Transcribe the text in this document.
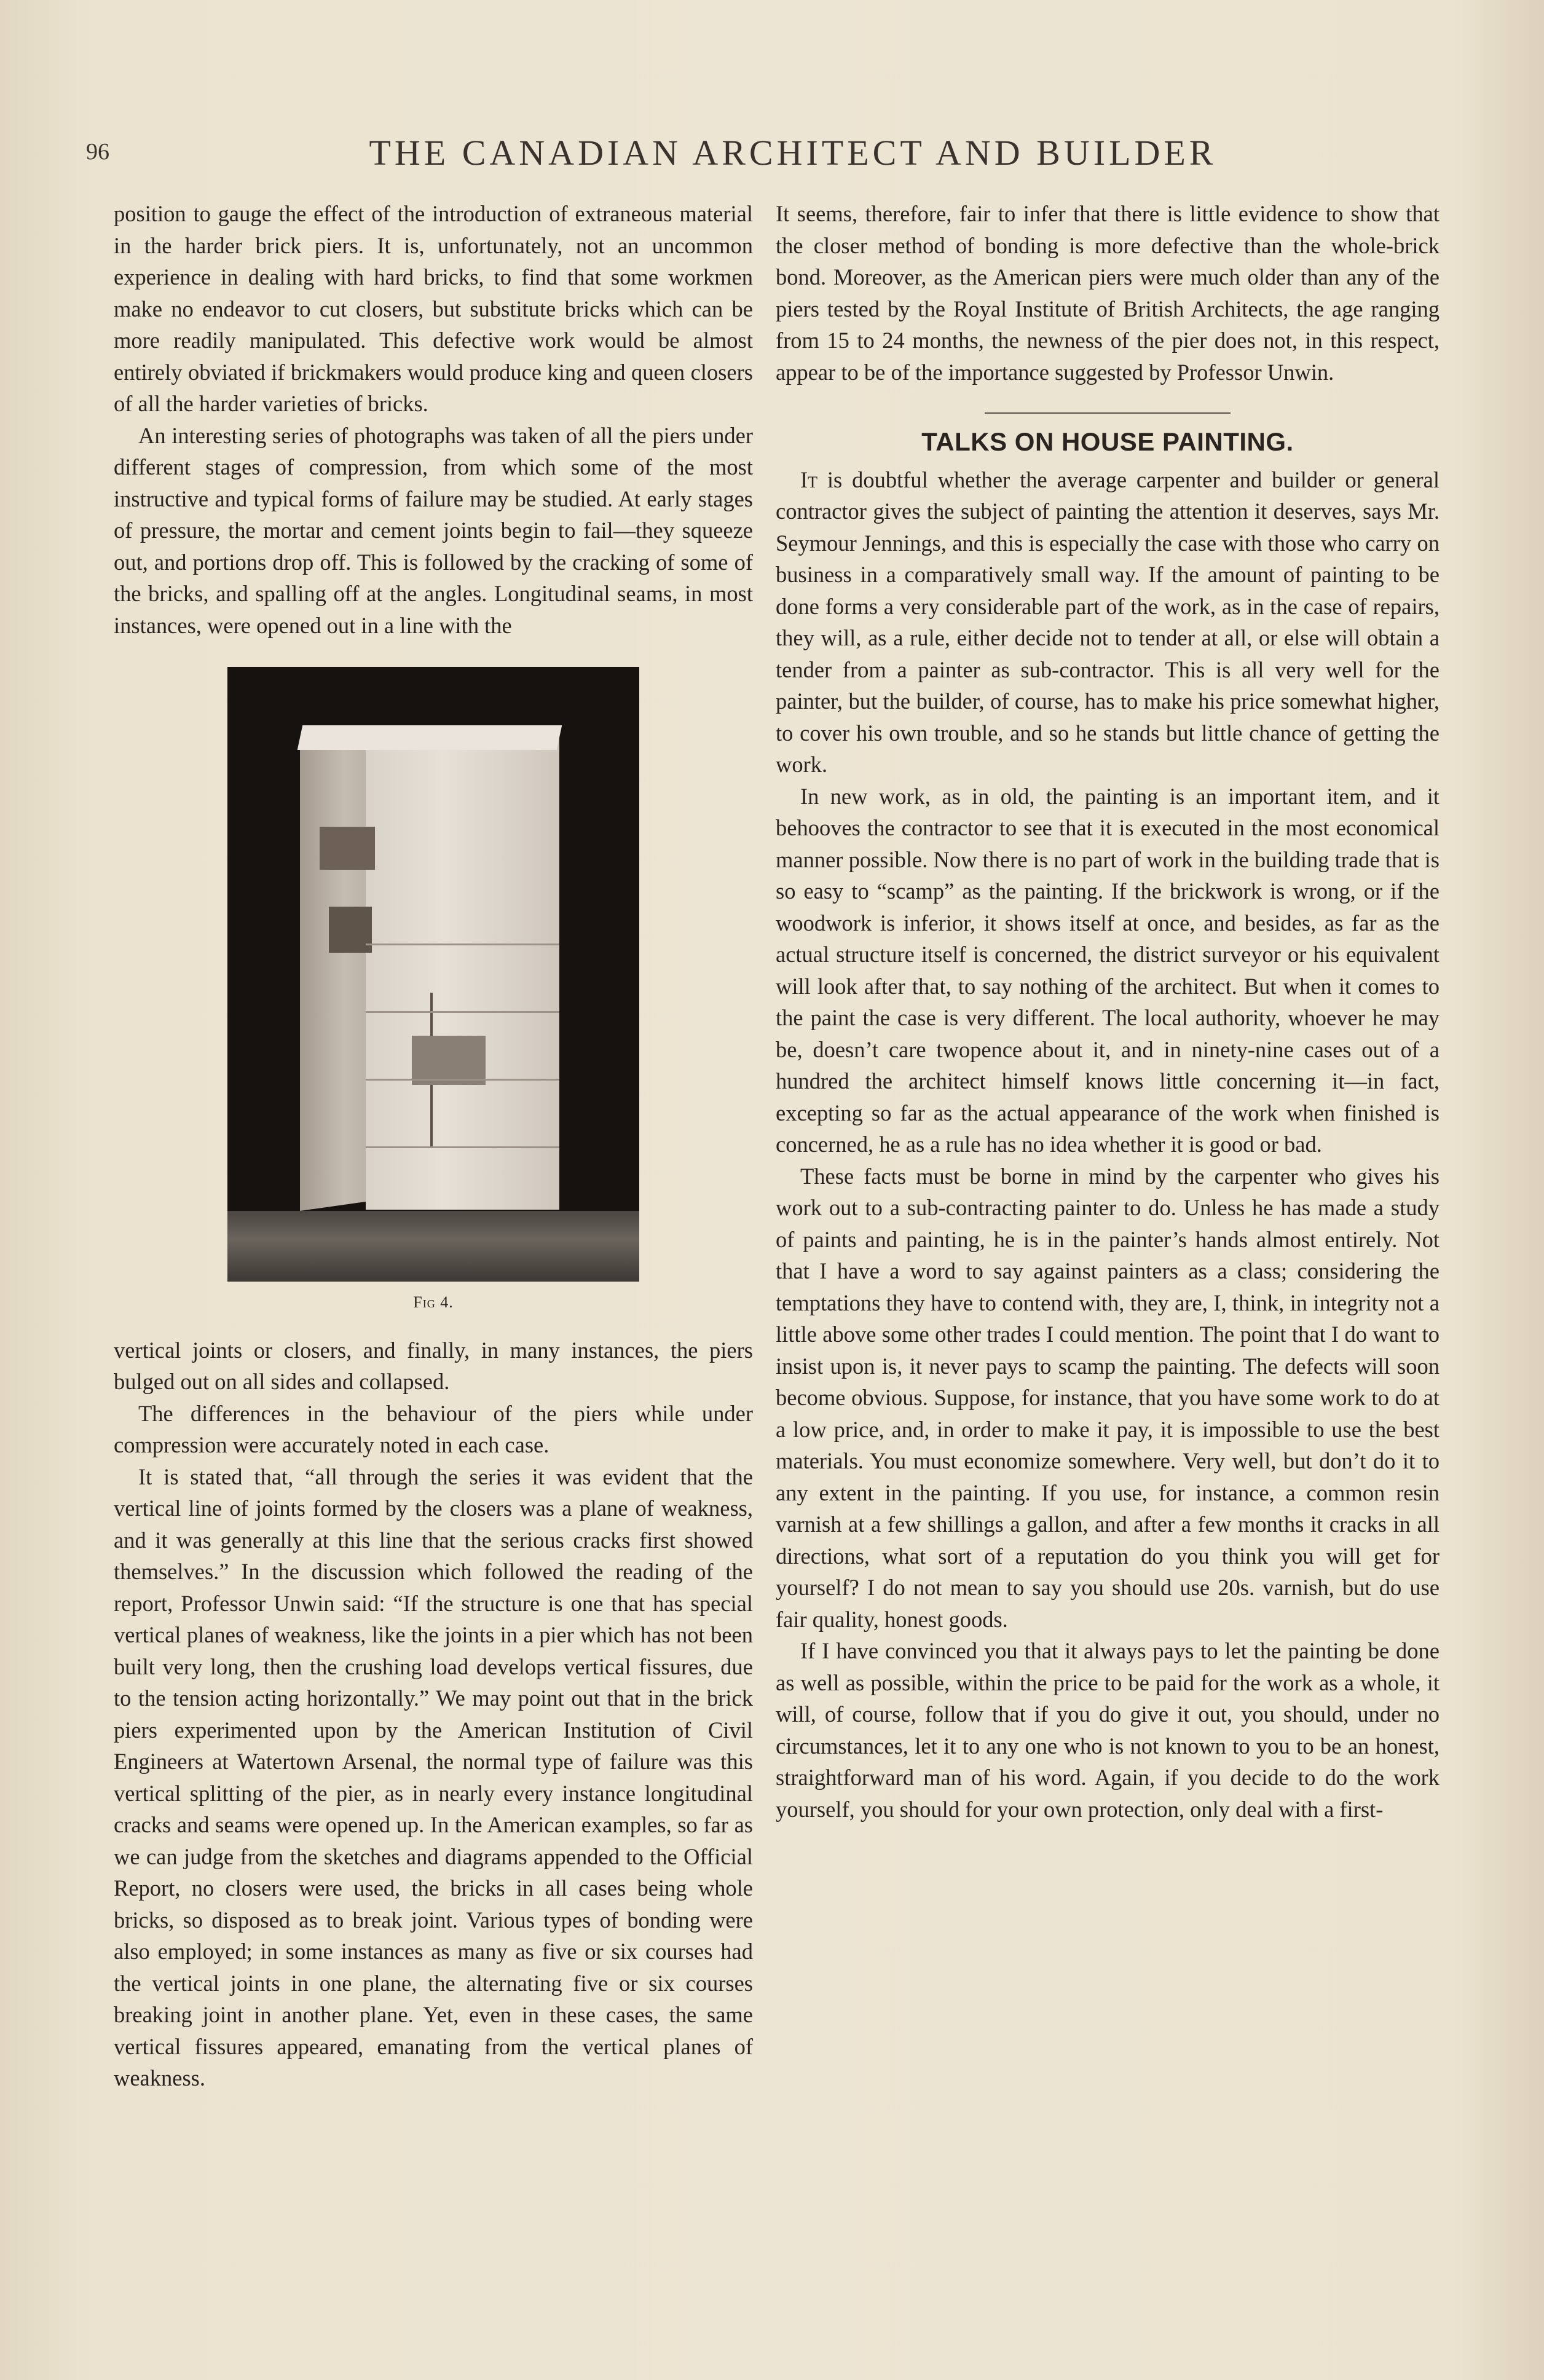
96	THE CANADIAN ARCHITECT AND BUILDER

position to gauge the effect of the introduction of extraneous material in the harder brick piers. It is, unfortunately, not an uncommon experience in dealing with hard bricks, to find that some workmen make no endeavor to cut closers, but substitute bricks which can be more readily manipulated. This defective work would be almost entirely obviated if brickmakers would produce king and queen closers of all the harder varieties of bricks.

An interesting series of photographs was taken of all the piers under different stages of compression, from which some of the most instructive and typical forms of failure may be studied. At early stages of pressure, the mortar and cement joints begin to fail—they squeeze out, and portions drop off. This is followed by the cracking of some of the bricks, and spalling off at the angles. Longitudinal seams, in most instances, were opened out in a line with the

Fig 4.

vertical joints or closers, and finally, in many instances, the piers bulged out on all sides and collapsed.

The differences in the behaviour of the piers while under compression were accurately noted in each case.

It is stated that, “all through the series it was evident that the vertical line of joints formed by the closers was a plane of weakness, and it was generally at this line that the serious cracks first showed themselves.” In the discussion which followed the reading of the report, Professor Unwin said: “If the structure is one that has special vertical planes of weakness, like the joints in a pier which has not been built very long, then the crushing load develops vertical fissures, due to the tension acting horizontally.” We may point out that in the brick piers experimented upon by the American Institution of Civil Engineers at Watertown Arsenal, the normal type of failure was this vertical splitting of the pier, as in nearly every instance longitudinal cracks and seams were opened up. In the American examples, so far as we can judge from the sketches and diagrams appended to the Official Report, no closers were used, the bricks in all cases being whole bricks, so disposed as to break joint. Various types of bonding were also employed; in some instances as many as five or six courses had the vertical joints in one plane, the alternating five or six courses breaking joint in another plane. Yet, even in these cases, the same vertical fissures appeared, emanating from the vertical planes of weakness.

It seems, therefore, fair to infer that there is little evidence to show that the closer method of bonding is more defective than the whole-brick bond. Moreover, as the American piers were much older than any of the piers tested by the Royal Institute of British Architects, the age ranging from 15 to 24 months, the newness of the pier does not, in this respect, appear to be of the importance suggested by Professor Unwin.

TALKS ON HOUSE PAINTING.

It is doubtful whether the average carpenter and builder or general contractor gives the subject of painting the attention it deserves, says Mr. Seymour Jennings, and this is especially the case with those who carry on business in a comparatively small way. If the amount of painting to be done forms a very considerable part of the work, as in the case of repairs, they will, as a rule, either decide not to tender at all, or else will obtain a tender from a painter as sub-contractor. This is all very well for the painter, but the builder, of course, has to make his price somewhat higher, to cover his own trouble, and so he stands but little chance of getting the work.

In new work, as in old, the painting is an important item, and it behooves the contractor to see that it is executed in the most economical manner possible. Now there is no part of work in the building trade that is so easy to “scamp” as the painting. If the brickwork is wrong, or if the woodwork is inferior, it shows itself at once, and besides, as far as the actual structure itself is concerned, the district surveyor or his equivalent will look after that, to say nothing of the architect. But when it comes to the paint the case is very different. The local authority, whoever he may be, doesn’t care twopence about it, and in ninety-nine cases out of a hundred the architect himself knows little concerning it—in fact, excepting so far as the actual appearance of the work when finished is concerned, he as a rule has no idea whether it is good or bad.

These facts must be borne in mind by the carpenter who gives his work out to a sub-contracting painter to do. Unless he has made a study of paints and painting, he is in the painter’s hands almost entirely. Not that I have a word to say against painters as a class; considering the temptations they have to contend with, they are, I, think, in integrity not a little above some other trades I could mention. The point that I do want to insist upon is, it never pays to scamp the painting. The defects will soon become obvious. Suppose, for instance, that you have some work to do at a low price, and, in order to make it pay, it is impossible to use the best materials. You must economize somewhere. Very well, but don’t do it to any extent in the painting. If you use, for instance, a common resin varnish at a few shillings a gallon, and after a few months it cracks in all directions, what sort of a reputation do you think you will get for yourself? I do not mean to say you should use 20s. varnish, but do use fair quality, honest goods.

If I have convinced you that it always pays to let the painting be done as well as possible, within the price to be paid for the work as a whole, it will, of course, follow that if you do give it out, you should, under no circumstances, let it to any one who is not known to you to be an honest, straightforward man of his word. Again, if you decide to do the work yourself, you should for your own protection, only deal with a first-
